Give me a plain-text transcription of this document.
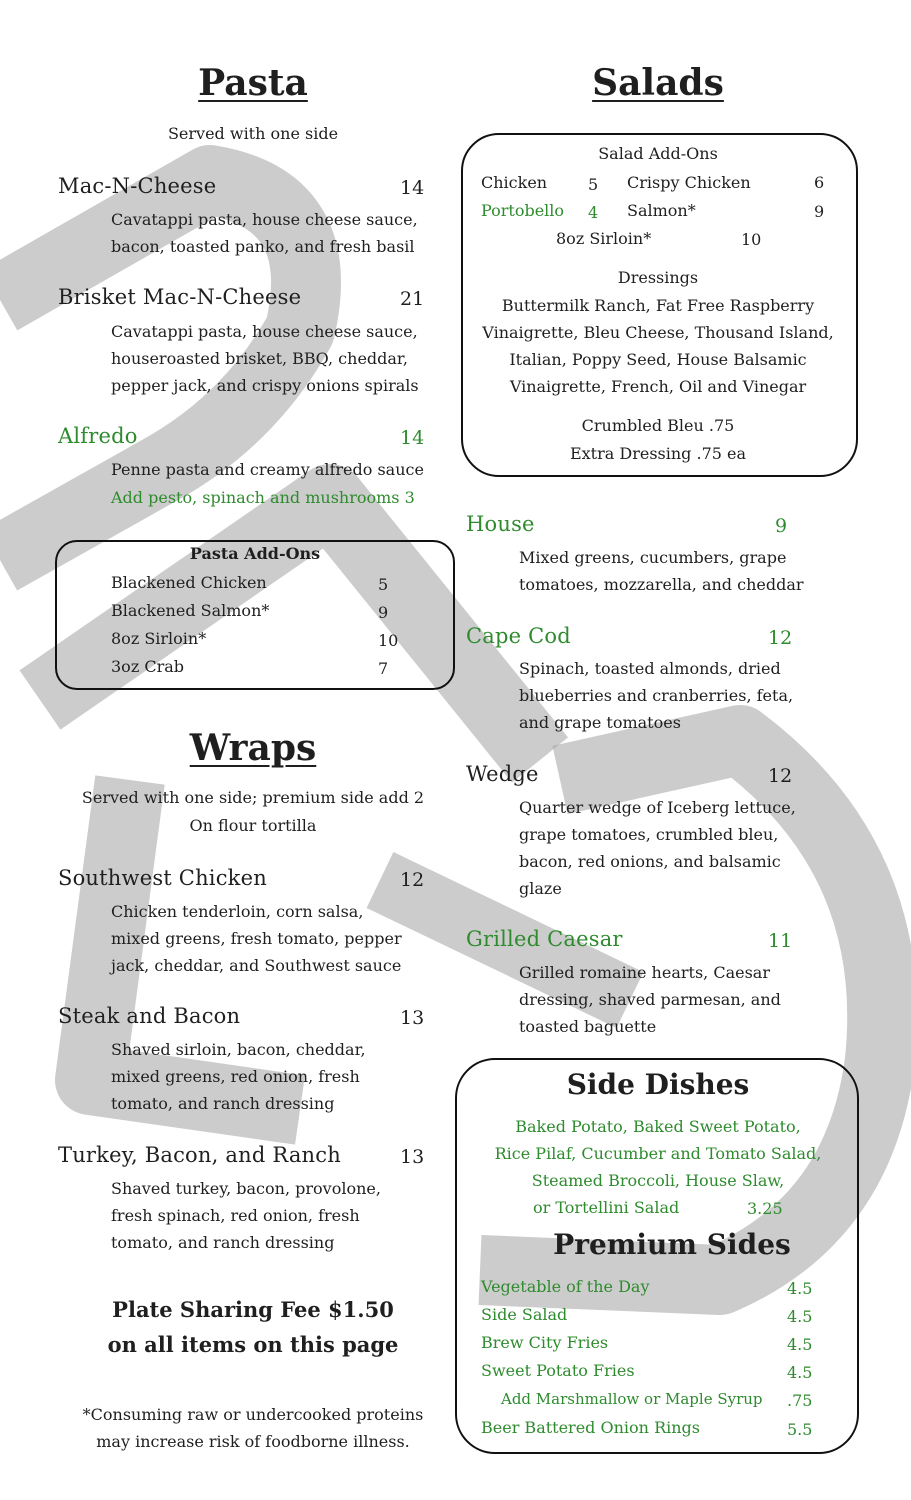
Pasta
Served with one side
Mac-N-Cheese	14
Cavatappi pasta, house cheese sauce,
bacon, toasted panko, and fresh basil
Brisket Mac-N-Cheese	21
Cavatappi pasta, house cheese sauce,
houseroasted brisket, BBQ, cheddar,
pepper jack, and crispy onions spirals
Alfredo	14
Penne pasta and creamy alfredo sauce
Add pesto, spinach and mushrooms 3
Pasta Add-Ons
Blackened Chicken	5
Blackened Salmon*	9
8oz Sirloin*	10
3oz Crab	7
Wraps
Served with one side; premium side add 2
On flour tortilla
Southwest Chicken	12
Chicken tenderloin, corn salsa,
mixed greens, fresh tomato, pepper
jack, cheddar, and Southwest sauce
Steak and Bacon	13
Shaved sirloin, bacon, cheddar,
mixed greens, red onion, fresh
tomato, and ranch dressing
Turkey, Bacon, and Ranch	13
Shaved turkey, bacon, provolone,
fresh spinach, red onion, fresh
tomato, and ranch dressing
Plate Sharing Fee $1.50
on all items on this page
*Consuming raw or undercooked proteins
may increase risk of foodborne illness.
Salads
Salad Add-Ons
Chicken	5 Crispy Chicken	6
Portobello 4 Salmon*	9
8oz Sirloin*	10
Dressings
Buttermilk Ranch, Fat Free Raspberry
Vinaigrette, Bleu Cheese, Thousand Island,
Italian, Poppy Seed, House Balsamic
Vinaigrette, French, Oil and Vinegar
Crumbled Bleu .75
Extra Dressing .75 ea
House	9
Mixed greens, cucumbers, grape
tomatoes, mozzarella, and cheddar
Cape Cod	12
Spinach, toasted almonds, dried
blueberries and cranberries, feta,
and grape tomatoes
Wedge	12
Quarter wedge of Iceberg lettuce,
grape tomatoes, crumbled bleu,
bacon, red onions, and balsamic
glaze
Grilled Caesar	11
Grilled romaine hearts, Caesar
dressing, shaved parmesan, and
toasted baguette
Side Dishes
Baked Potato, Baked Sweet Potato,
Rice Pilaf, Cucumber and Tomato Salad,
Steamed Broccoli, House Slaw,
or Tortellini Salad	3.25
Premium Sides
Vegetable of the Day	4.5
Side Salad	4.5
Brew City Fries	4.5
Sweet Potato Fries	4.5
Add Marshmallow or Maple Syrup .75
Beer Battered Onion Rings	5.5
